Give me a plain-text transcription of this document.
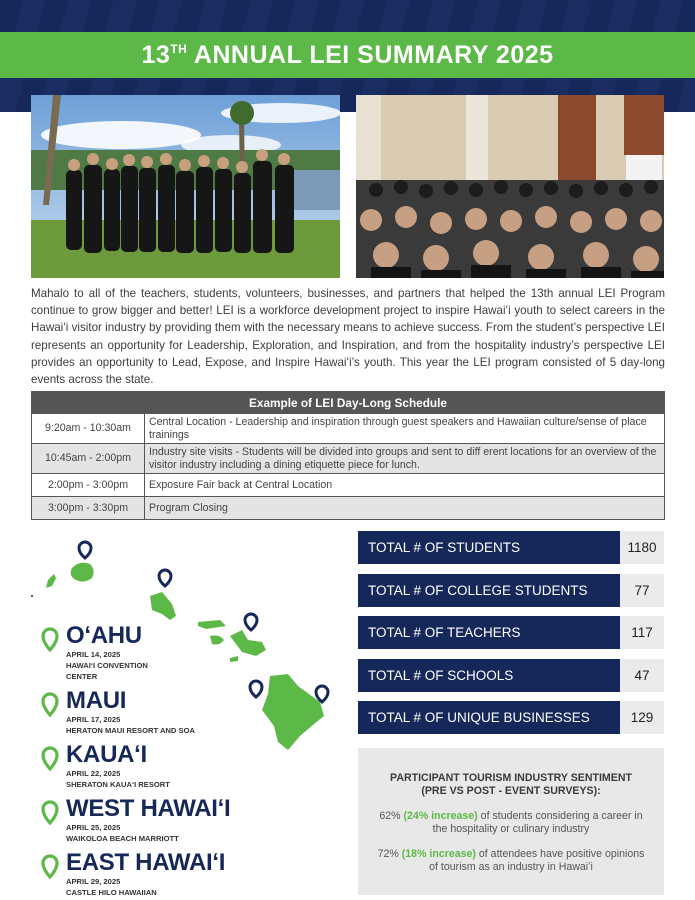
13TH ANNUAL LEI SUMMARY 2025

Mahalo to all of the teachers, students, volunteers, businesses, and partners that helped the 13th annual LEI Program continue to grow bigger and better! LEI is a workforce development project to inspire Hawaiʻi youth to select careers in the Hawaiʻi visitor industry by providing them with the necessary means to achieve success. From the student’s perspective LEI represents an opportunity for Leadership, Exploration, and Inspiration, and from the hospitality industry’s perspective LEI provides an opportunity to Lead, Expose, and Inspire Hawaiʻi’s youth. This year the LEI program consisted of 5 day-long events across the state.

Example of LEI Day-Long Schedule	
9:20am - 10:30am	Central Location - Leadership and inspiration through guest speakers and Hawaiian culture/sense of place trainings
10:45am - 2:00pm	Industry site visits - Students will be divided into groups and sent to diff erent locations for an overview of the visitor industry including a dining etiquette piece for lunch.
2:00pm - 3:00pm	Exposure Fair back at Central Location
3:00pm - 3:30pm	Program Closing
OʻAHU
APRIL 14, 2025
HAWAIʻI CONVENTION CENTER
MAUI
APRIL 17, 2025
HERATON MAUI RESORT AND SOA
KAUAʻI
APRIL 22, 2025
SHERATON KAUAʻI RESORT
WEST HAWAIʻI
APRIL 25, 2025
WAIKOLOA BEACH MARRIOTT
EAST HAWAIʻI
APRIL 29, 2025
CASTLE HILO HAWAIIAN
TOTAL # OF STUDENTS	1180
TOTAL # OF COLLEGE STUDENTS	77
TOTAL # OF TEACHERS	117
TOTAL # OF SCHOOLS	47
TOTAL # OF UNIQUE BUSINESSES	129
PARTICIPANT TOURISM INDUSTRY SENTIMENT
(PRE VS POST - EVENT SURVEYS):

62% (24% increase) of students considering a career in the hospitality or culinary industry

72% (18% increase) of attendees have positive opinions of tourism as an industry in Hawaiʻi
